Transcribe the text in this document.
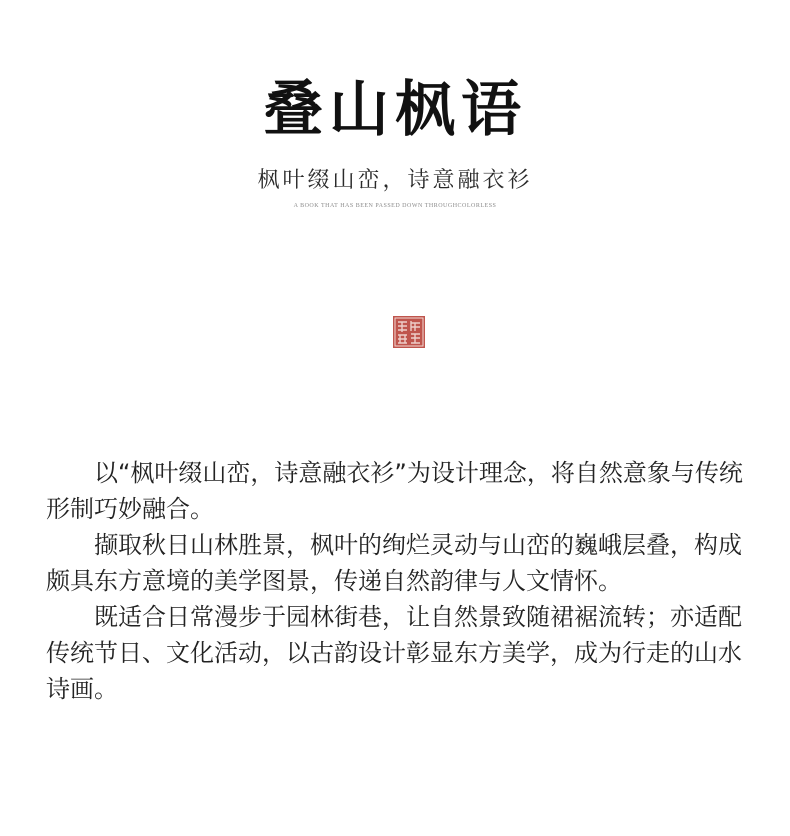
叠山枫语
枫叶缀山峦，诗意融衣衫
A BOOK THAT HAS BEEN PASSED DOWN THROUGHCOLORLESS

以“枫叶缀山峦，诗意融衣衫”为设计理念，将自然意象与传统形制巧妙融合。

撷取秋日山林胜景，枫叶的绚烂灵动与山峦的巍峨层叠，构成颇具东方意境的美学图景，传递自然韵律与人文情怀。

既适合日常漫步于园林街巷，让自然景致随裙裾流转；亦适配传统节日、文化活动，以古韵设计彰显东方美学，成为行走的山水诗画。
